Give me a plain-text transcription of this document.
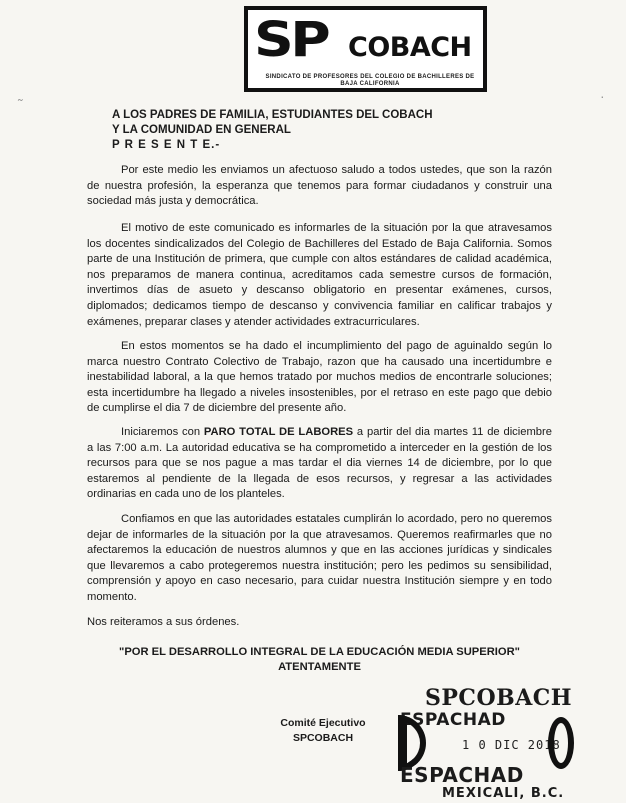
˜	·
SP COBACH
SINDICATO DE PROFESORES DEL COLEGIO DE BACHILLERES DE BAJA CALIFORNIA
A LOS PADRES DE FAMILIA, ESTUDIANTES DEL COBACH
Y LA COMUNIDAD EN GENERAL
P R E S E N T E.-

Por este medio les enviamos un afectuoso saludo a todos ustedes, que son la razón de nuestra profesión, la esperanza que tenemos para formar ciudadanos y construir una sociedad más justa y democrática.

El motivo de este comunicado es informarles de la situación por la que atravesamos los docentes sindicalizados del Colegio de Bachilleres del Estado de Baja California. Somos parte de una Institución de primera, que cumple con altos estándares de calidad académica, nos preparamos de manera continua, acreditamos cada semestre cursos de formación, invertimos días de asueto y descanso obligatorio en presentar exámenes, cursos, diplomados; dedicamos tiempo de descanso y convivencia familiar en calificar trabajos y exámenes, preparar clases y atender actividades extracurriculares.

En estos momentos se ha dado el incumplimiento del pago de aguinaldo según lo marca nuestro Contrato Colectivo de Trabajo, razon que ha causado una incertidumbre e inestabilidad laboral, a la que hemos tratado por muchos medios de encontrarle soluciones; esta incertidumbre ha llegado a niveles insostenibles, por el retraso en este pago que debio de cumplirse el dia 7 de diciembre del presente año.

Iniciaremos con PARO TOTAL DE LABORES a partir del dia martes 11 de diciembre a las 7:00 a.m. La autoridad educativa se ha comprometido a interceder en la gestión de los recursos para que se nos pague a mas tardar el dia viernes 14 de diciembre, por lo que estaremos al pendiente de la llegada de esos recursos, y regresar a las actividades ordinarias en cada uno de los planteles.

Confiamos en que las autoridades estatales cumplirán lo acordado, pero no queremos dejar de informarles de la situación por la que atravesamos. Queremos reafirmarles que no afectaremos la educación de nuestros alumnos y que en las acciones jurídicas y sindicales que llevaremos a cabo protegeremos nuestra institución; pero les pedimos su sensibilidad, comprensión y apoyo en caso necesario, para cuidar nuestra Institución siempre y en todo momento.

Nos reiteramos a sus órdenes.
"POR EL DESARROLLO INTEGRAL DE LA EDUCACIÓN MEDIA SUPERIOR"
ATENTAMENTE
Comité Ejecutivo
SPCOBACH
SPCOBACH
ESPACHAD
1 0 DIC 2018
ESPACHAD
MEXICALI, B.C.
